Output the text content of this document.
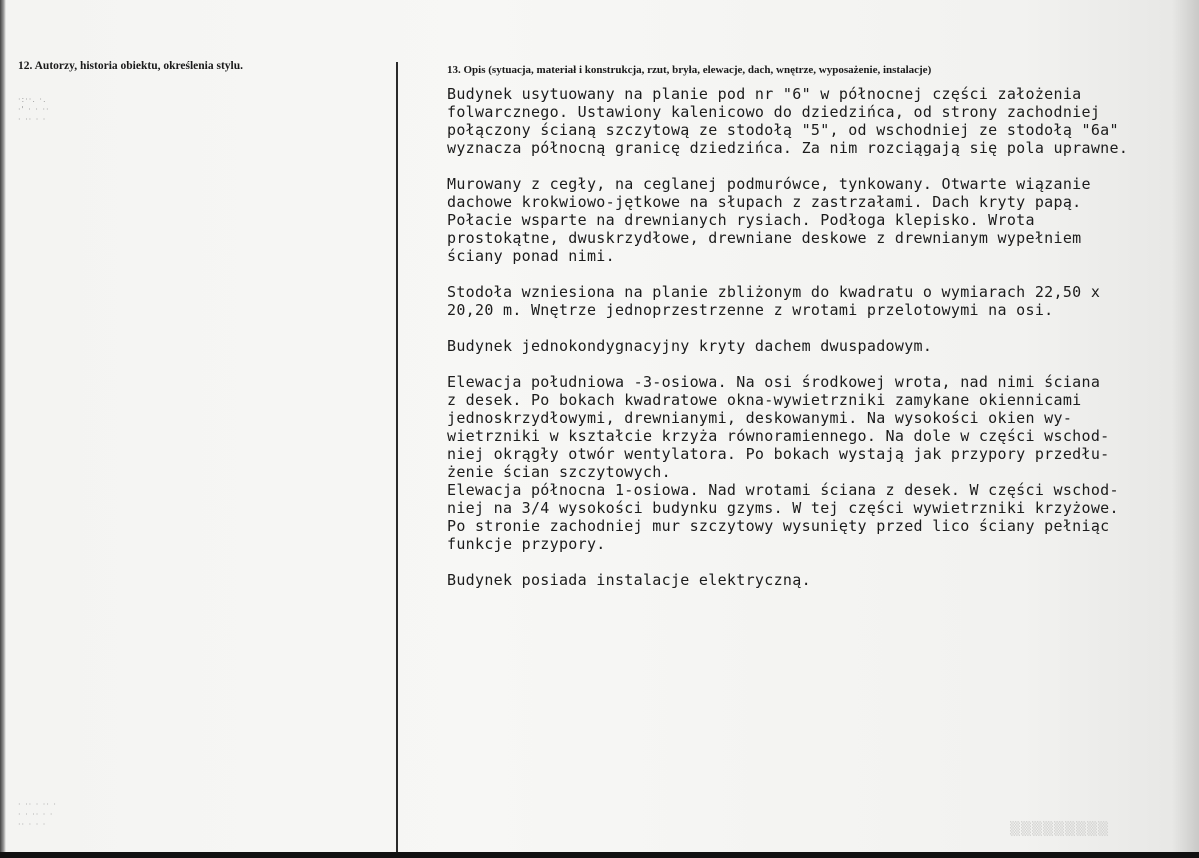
·:··. ·.
·' · · ··
· ·· · ·
· ·· · ·· ·
· · ·· · ·
·· · · ·	▒▒▒▒▒▒▒▒▒
12. Autorzy, historia obiektu, określenia stylu.	13. Opis (sytuacja, materiał i konstrukcja, rzut, bryła, elewacje, dach, wnętrze, wyposażenie, instalacje)
Budynek usytuowany na planie pod nr "6" w północnej części założenia
folwarcznego. Ustawiony kalenicowo do dziedzińca, od strony zachodniej
połączony ścianą szczytową ze stodołą "5", od wschodniej ze stodołą "6a"
wyznacza północną granicę dziedzińca. Za nim rozciągają się pola uprawne.
Murowany z cegły, na ceglanej podmurówce, tynkowany. Otwarte wiązanie
dachowe krokwiowo-jętkowe na słupach z zastrzałami. Dach kryty papą.
Połacie wsparte na drewnianych rysiach. Podłoga klepisko. Wrota
prostokątne, dwuskrzydłowe, drewniane deskowe z drewnianym wypełniem
ściany ponad nimi.
Stodoła wzniesiona na planie zbliżonym do kwadratu o wymiarach 22,50 x
20,20 m. Wnętrze jednoprzestrzenne z wrotami przelotowymi na osi.
Budynek jednokondygnacyjny kryty dachem dwuspadowym.
Elewacja południowa -3-osiowa. Na osi środkowej wrota, nad nimi ściana
z desek. Po bokach kwadratowe okna-wywietrzniki zamykane okiennicami
jednoskrzydłowymi, drewnianymi, deskowanymi. Na wysokości okien wy-
wietrzniki w kształcie krzyża równoramiennego. Na dole w części wschod-
niej okrągły otwór wentylatora. Po bokach wystają jak przypory przedłu-
żenie ścian szczytowych.
Elewacja północna 1-osiowa. Nad wrotami ściana z desek. W części wschod-
niej na 3/4 wysokości budynku gzyms. W tej części wywietrzniki krzyżowe.
Po stronie zachodniej mur szczytowy wysunięty przed lico ściany pełniąc
funkcje przypory.
Budynek posiada instalacje elektryczną.
